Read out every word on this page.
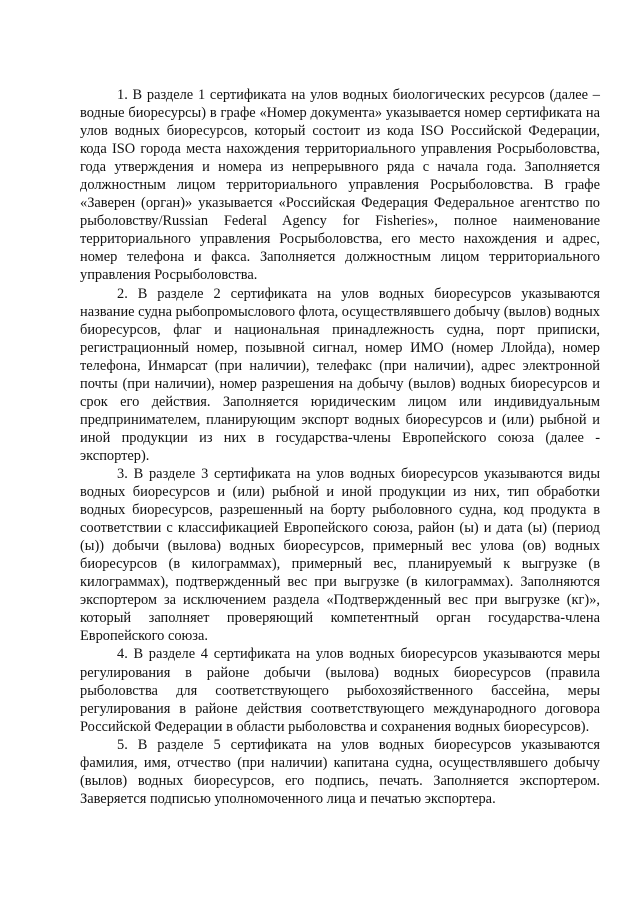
1. В разделе 1 сертификата на улов водных биологических ресурсов (далее – водные биоресурсы) в графе «Номер документа» указывается номер сертификата на улов водных биоресурсов, который состоит из кода ISO Российской Федерации, кода ISO города места нахождения территориального управления Росрыболовства, года утверждения и номера из непрерывного ряда с начала года. Заполняется должностным лицом территориального управления Росрыболовства. В графе «Заверен (орган)» указывается «Российская Федерация Федеральное агентство по рыболовству/Russian Federal Agency for Fisheries», полное наименование территориального управления Росрыболовства, его место нахождения и адрес, номер телефона и факса. Заполняется должностным лицом территориального управления Росрыболовства.

2. В разделе 2 сертификата на улов водных биоресурсов указываются название судна рыбопромыслового флота, осуществлявшего добычу (вылов) водных биоресурсов, флаг и национальная принадлежность судна, порт приписки, регистрационный номер, позывной сигнал, номер ИМО (номер Ллойда), номер телефона, Инмарсат (при наличии), телефакс (при наличии), адрес электронной почты (при наличии), номер разрешения на добычу (вылов) водных биоресурсов и срок его действия. Заполняется юридическим лицом или индивидуальным предпринимателем, планирующим экспорт водных биоресурсов и (или) рыбной и иной продукции из них в государства-члены Европейского союза (далее - экспортер).

3. В разделе 3 сертификата на улов водных биоресурсов указываются виды водных биоресурсов и (или) рыбной и иной продукции из них, тип обработки водных биоресурсов, разрешенный на борту рыболовного судна, код продукта в соответствии с классификацией Европейского союза, район (ы) и дата (ы) (период (ы)) добычи (вылова) водных биоресурсов, примерный вес улова (ов) водных биоресурсов (в килограммах), примерный вес, планируемый к выгрузке (в килограммах), подтвержденный вес при выгрузке (в килограммах). Заполняются экспортером за исключением раздела «Подтвержденный вес при выгрузке (кг)», который заполняет проверяющий компетентный орган государства-члена Европейского союза.

4. В разделе 4 сертификата на улов водных биоресурсов указываются меры регулирования в районе добычи (вылова) водных биоресурсов (правила рыболовства для соответствующего рыбохозяйственного бассейна, меры регулирования в районе действия соответствующего международного договора Российской Федерации в области рыболовства и сохранения водных биоресурсов).

5. В разделе 5 сертификата на улов водных биоресурсов указываются фамилия, имя, отчество (при наличии) капитана судна, осуществлявшего добычу (вылов) водных биоресурсов, его подпись, печать. Заполняется экспортером. Заверяется подписью уполномоченного лица и печатью экспортера.
